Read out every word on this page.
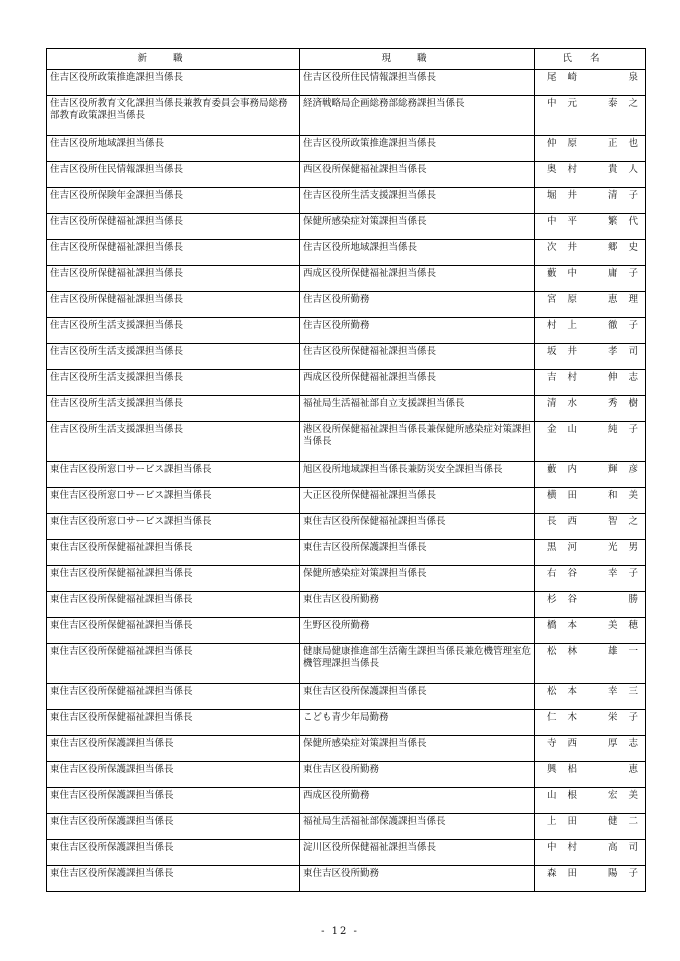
新職	現職	氏名
住吉区役所政策推進課担当係長	住吉区役所住民情報課担当係長	尾崎 泉

住吉区役所教育文化課担当係長兼教育委員会事務局総務部教育政策課担当係長	経済戦略局企画総務部総務課担当係長	中元 泰之

住吉区役所地域課担当係長	住吉区役所政策推進課担当係長	仲原 正也

住吉区役所住民情報課担当係長	西区役所保健福祉課担当係長	奥村 貴人

住吉区役所保険年金課担当係長	住吉区役所生活支援課担当係長	堀井 清子

住吉区役所保健福祉課担当係長	保健所感染症対策課担当係長	中平 繁代

住吉区役所保健福祉課担当係長	住吉区役所地域課担当係長	次井 郷史

住吉区役所保健福祉課担当係長	西成区役所保健福祉課担当係長	藪中 庸子

住吉区役所保健福祉課担当係長	住吉区役所勤務	宮原 恵理

住吉区役所生活支援課担当係長	住吉区役所勤務	村上 徹子

住吉区役所生活支援課担当係長	住吉区役所保健福祉課担当係長	坂井 孝司

住吉区役所生活支援課担当係長	西成区役所保健福祉課担当係長	吉村 伸志

住吉区役所生活支援課担当係長	福祉局生活福祉部自立支援課担当係長	清水 秀樹

住吉区役所生活支援課担当係長	港区役所保健福祉課担当係長兼保健所感染症対策課担当係長	金山 純子

東住吉区役所窓口サービス課担当係長	旭区役所地域課担当係長兼防災安全課担当係長	藪内 輝彦

東住吉区役所窓口サービス課担当係長	大正区役所保健福祉課担当係長	横田 和美

東住吉区役所窓口サービス課担当係長	東住吉区役所保健福祉課担当係長	長西 智之

東住吉区役所保健福祉課担当係長	東住吉区役所保護課担当係長	黒河 光男

東住吉区役所保健福祉課担当係長	保健所感染症対策課担当係長	右谷 幸子

東住吉区役所保健福祉課担当係長	東住吉区役所勤務	杉谷 勝

東住吉区役所保健福祉課担当係長	生野区役所勤務	橋本 美穂

東住吉区役所保健福祉課担当係長	健康局健康推進部生活衛生課担当係長兼危機管理室危機管理課担当係長	松林 雄一

東住吉区役所保健福祉課担当係長	東住吉区役所保護課担当係長	松本 幸三

東住吉区役所保健福祉課担当係長	こども青少年局勤務	仁木 栄子

東住吉区役所保護課担当係長	保健所感染症対策課担当係長	寺西 厚志

東住吉区役所保護課担当係長	東住吉区役所勤務	興梠 恵

東住吉区役所保護課担当係長	西成区役所勤務	山根 宏美

東住吉区役所保護課担当係長	福祉局生活福祉部保護課担当係長	上田 健二

東住吉区役所保護課担当係長	淀川区役所保健福祉課担当係長	中村 高司

東住吉区役所保護課担当係長	東住吉区役所勤務	森田 陽子
- 12 -
